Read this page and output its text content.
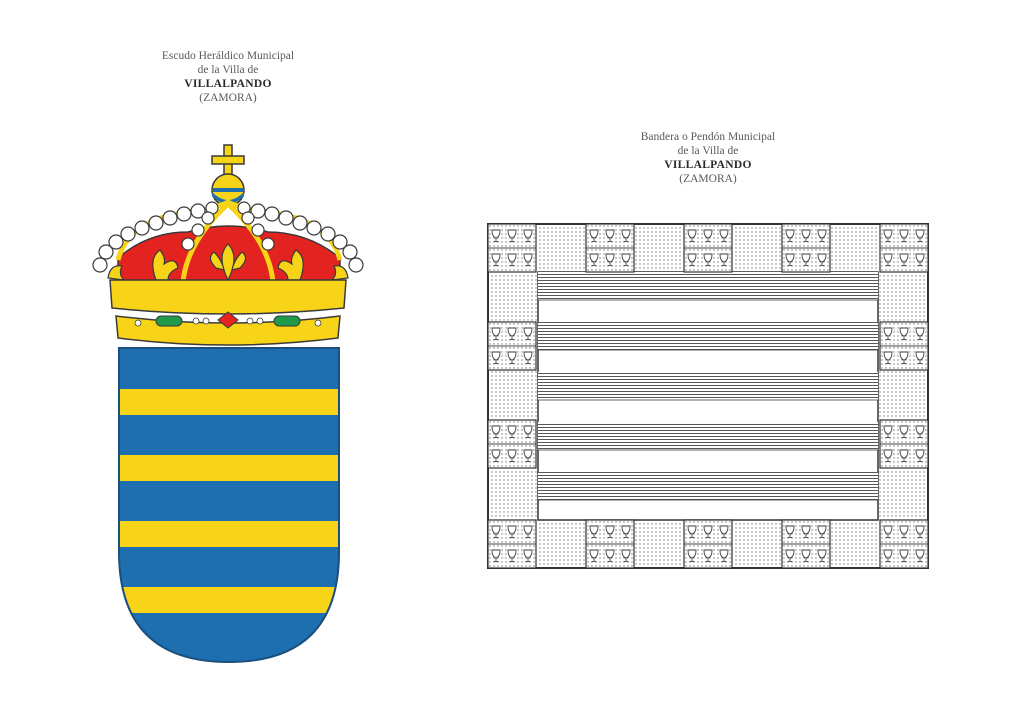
Escudo Heráldico Municipal
de la Villa de
VILLALPANDO
(ZAMORA)
Bandera o Pendón Municipal
de la Villa de
VILLALPANDO
(ZAMORA)
